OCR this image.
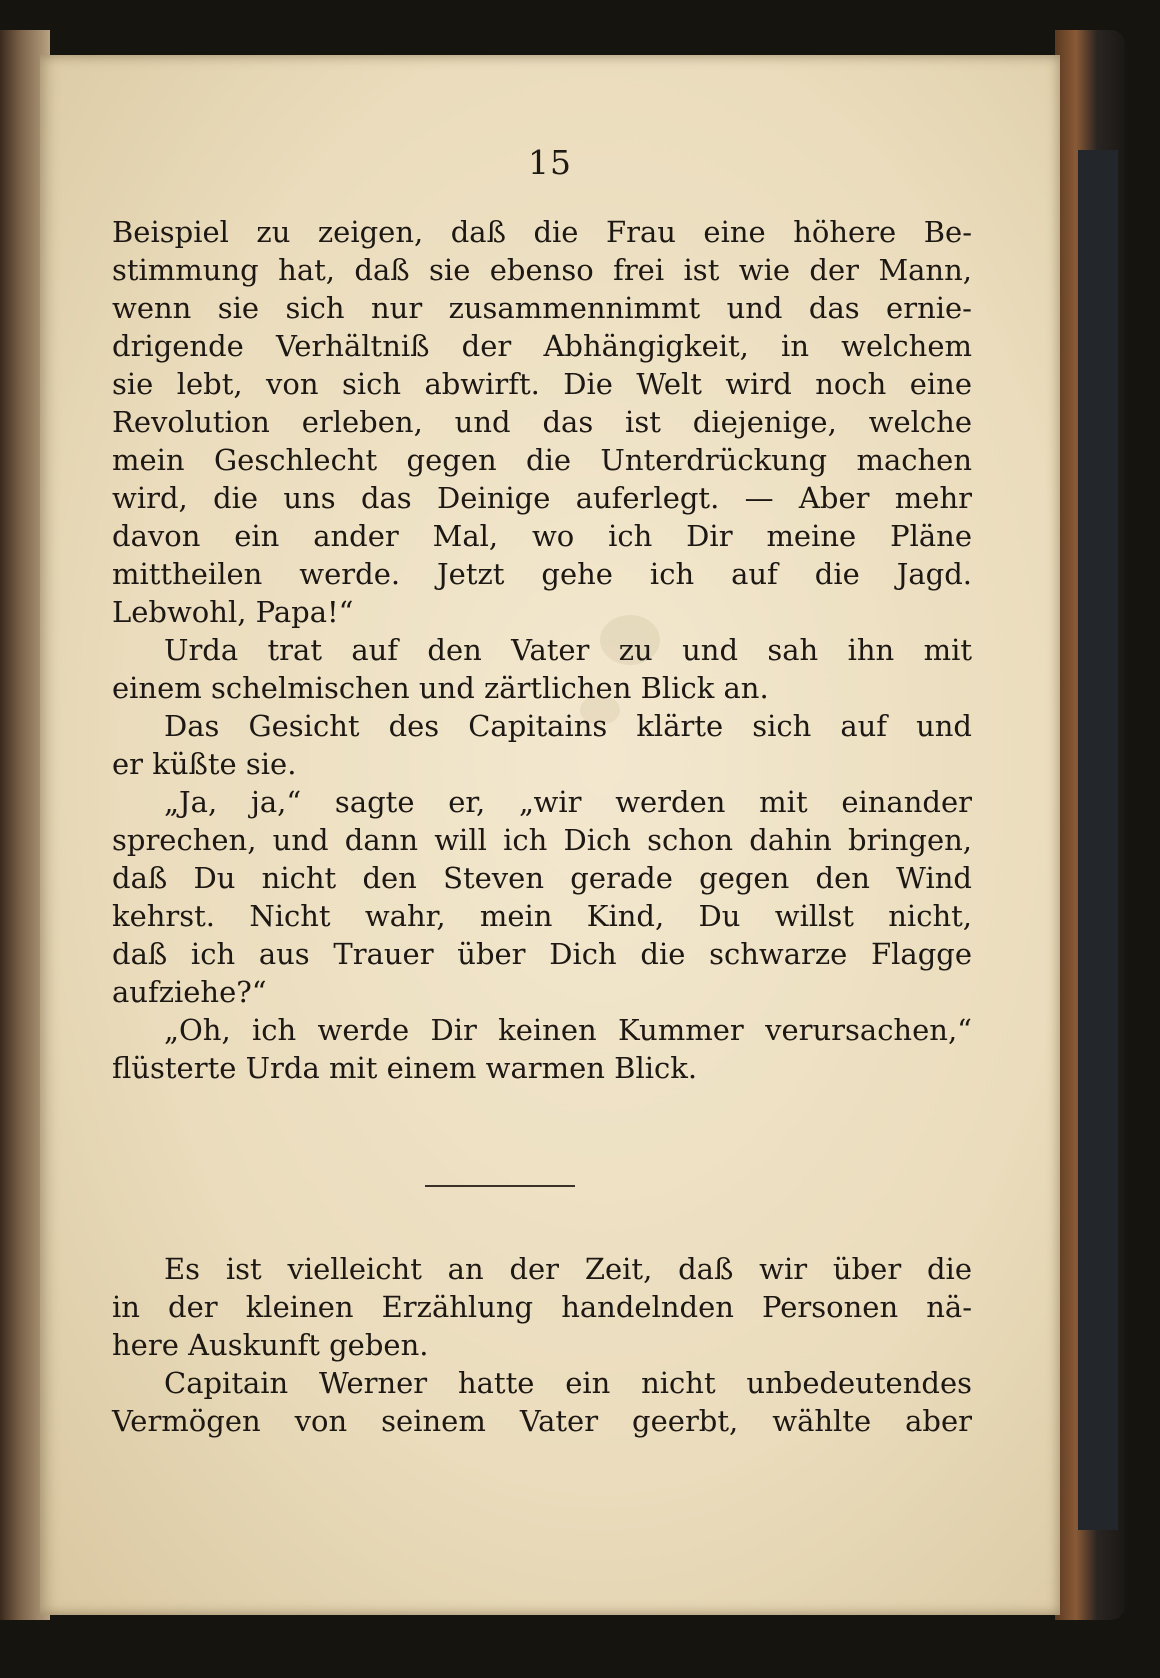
15
Beispiel zu zeigen, daß die Frau eine höhere Be-
stimmung hat, daß sie ebenso frei ist wie der Mann,
wenn sie sich nur zusammennimmt und das ernie-
drigende Verhältniß der Abhängigkeit, in welchem
sie lebt, von sich abwirft. Die Welt wird noch eine
Revolution erleben, und das ist diejenige, welche
mein Geschlecht gegen die Unterdrückung machen
wird, die uns das Deinige auferlegt. — Aber mehr
davon ein ander Mal, wo ich Dir meine Pläne
mittheilen werde. Jetzt gehe ich auf die Jagd.
Lebwohl, Papa!“
Urda trat auf den Vater zu und sah ihn mit
einem schelmischen und zärtlichen Blick an.
Das Gesicht des Capitains klärte sich auf und
er küßte sie.
„Ja, ja,“ sagte er, „wir werden mit einander
sprechen, und dann will ich Dich schon dahin bringen,
daß Du nicht den Steven gerade gegen den Wind
kehrst. Nicht wahr, mein Kind, Du willst nicht,
daß ich aus Trauer über Dich die schwarze Flagge
aufziehe?“
„Oh, ich werde Dir keinen Kummer verursachen,“
flüsterte Urda mit einem warmen Blick.
Es ist vielleicht an der Zeit, daß wir über die
in der kleinen Erzählung handelnden Personen nä-
here Auskunft geben.
Capitain Werner hatte ein nicht unbedeutendes
Vermögen von seinem Vater geerbt, wählte aber
